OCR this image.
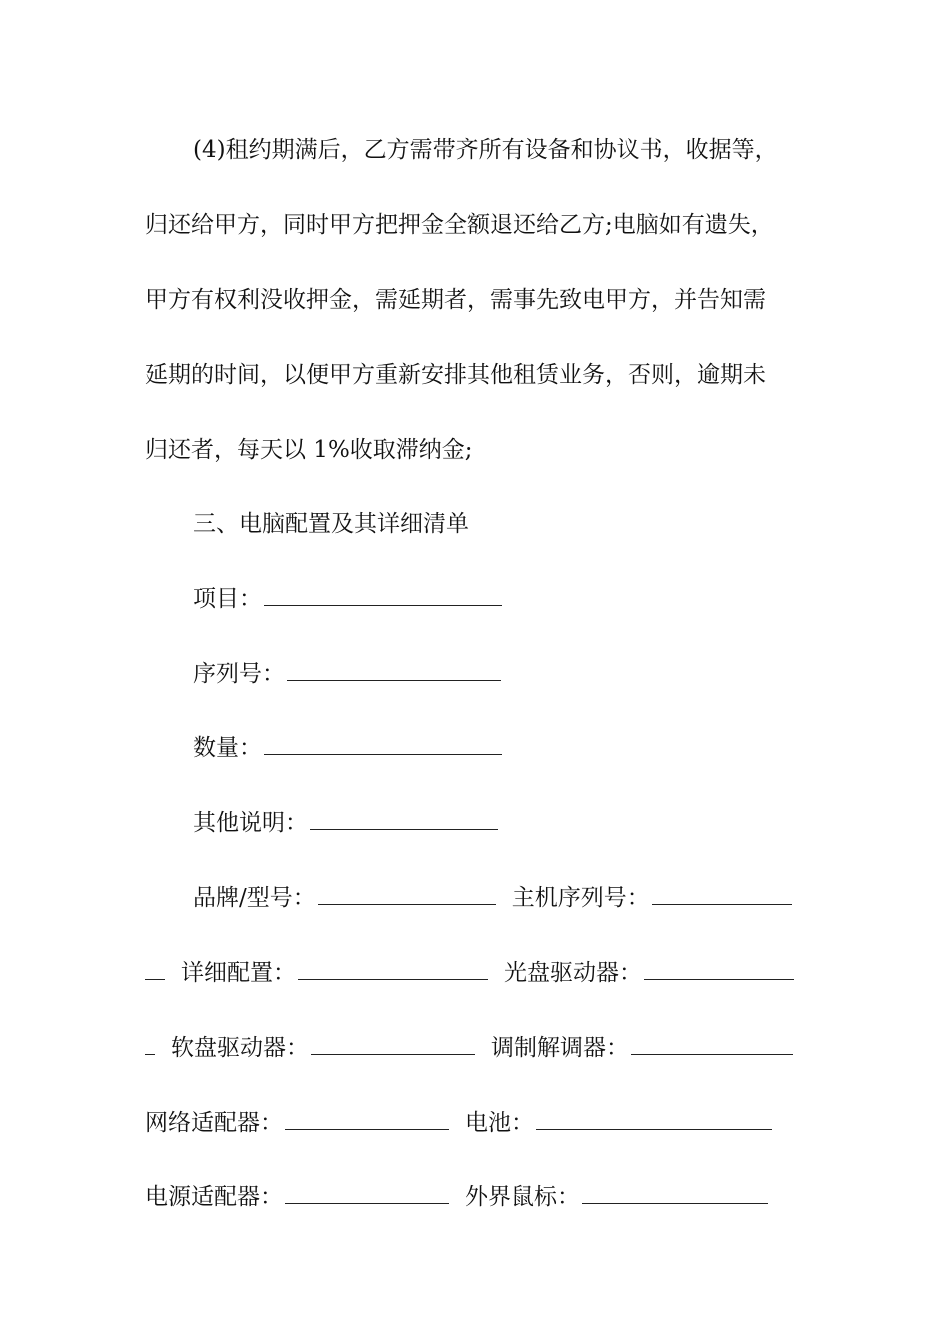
(4)租约期满后，乙方需带齐所有设备和协议书，收据等，
归还给甲方，同时甲方把押金全额退还给乙方;电脑如有遗失，
甲方有权利没收押金，需延期者，需事先致电甲方，并告知需
延期的时间，以便甲方重新安排其他租赁业务，否则，逾期未
归还者，每天以 1%收取滞纳金;
三、电脑配置及其详细清单
项目：
序列号：
数量：
其他说明：
品牌/型号：	主机序列号：
详细配置：	光盘驱动器：
软盘驱动器：	调制解调器：
网络适配器：	电池：
电源适配器：	外界鼠标：
